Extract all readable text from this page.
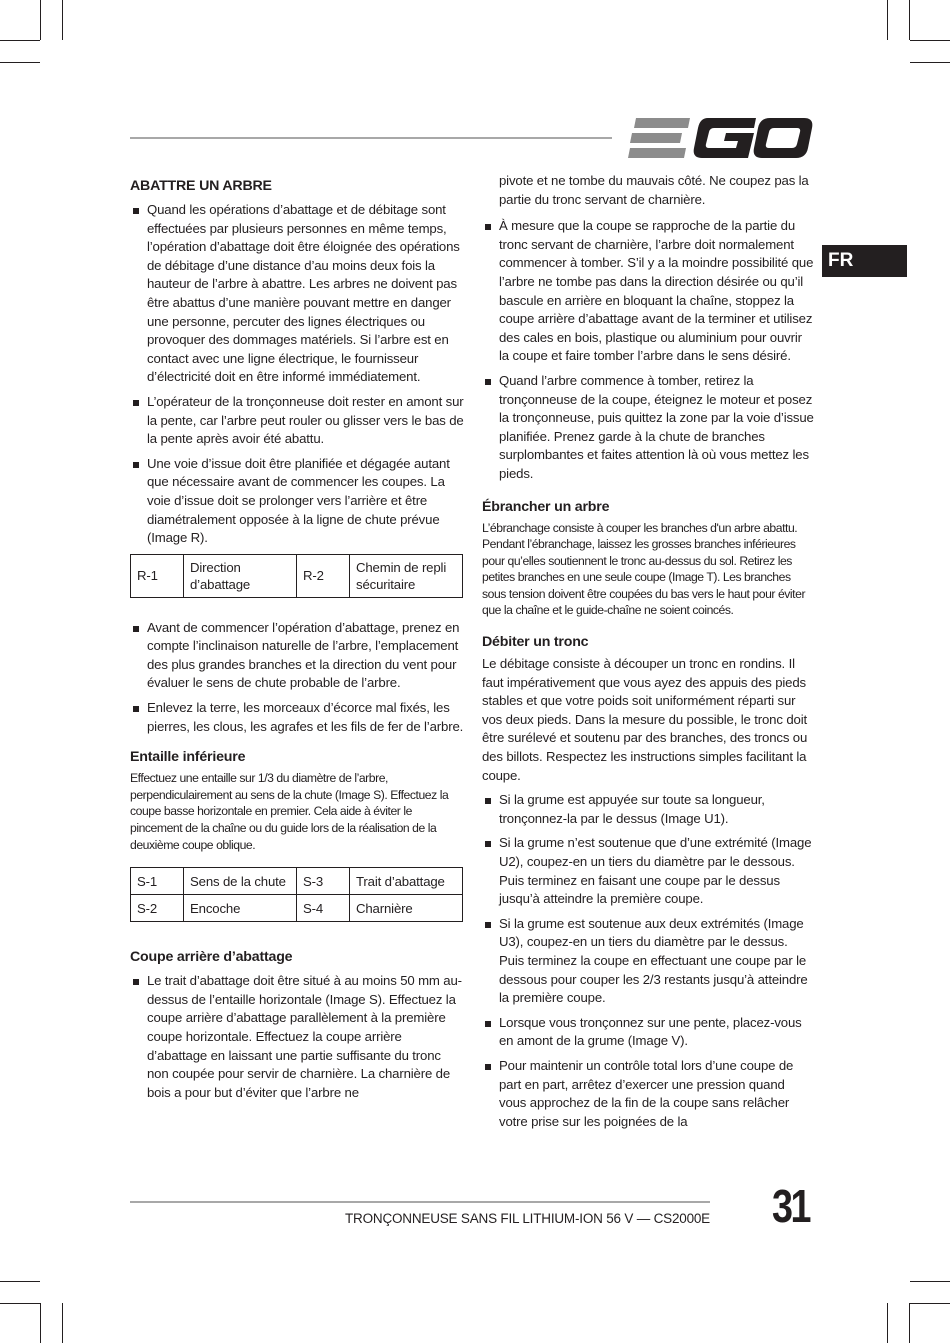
FR
ABATTRE UN ARBRE
Quand les opérations d’abattage et de débitage sont effectuées par plusieurs personnes en même temps, l’opération d’abattage doit être éloignée des opérations de débitage d’une distance d’au moins deux fois la hauteur de l’arbre à abattre. Les arbres ne doivent pas être abattus d’une manière pouvant mettre en danger une personne, percuter des lignes électriques ou provoquer des dommages matériels. Si l’arbre est en contact avec une ligne électrique, le fournisseur d’électricité doit en être informé immédiatement.
L’opérateur de la tronçonneuse doit rester en amont sur la pente, car l’arbre peut rouler ou glisser vers le bas de la pente après avoir été abattu.
Une voie d’issue doit être planifiée et dégagée autant que nécessaire avant de commencer les coupes. La voie d’issue doit se prolonger vers l’arrière et être diamétralement opposée à la ligne de chute prévue (Image R).
R-1	Direction d’abattage	R-2	Chemin de repli sécuritaire
Avant de commencer l’opération d’abattage, prenez en compte l’inclinaison naturelle de l’arbre, l’emplacement des plus grandes branches et la direction du vent pour évaluer le sens de chute probable de l’arbre.
Enlevez la terre, les morceaux d’écorce mal fixés, les pierres, les clous, les agrafes et les fils de fer de l’arbre.
Entaille inférieure

Effectuez une entaille sur 1/3 du diamètre de l’arbre, perpendiculairement au sens de la chute (Image S). Effectuez la coupe basse horizontale en premier. Cela aide à éviter le pincement de la chaîne ou du guide lors de la réalisation de la deuxième coupe oblique.

S-1	Sens de la chute	S-3	Trait d’abattage
S-2	Encoche	S-4	Charnière
Coupe arrière d’abattage
Le trait d’abattage doit être situé à au moins 50 mm au-dessus de l’entaille horizontale (Image S). Effectuez la coupe arrière d’abattage parallèlement à la première coupe horizontale. Effectuez la coupe arrière d’abattage en laissant une partie suffisante du tronc non coupée pour servir de charnière. La charnière de bois a pour but d’éviter que l’arbre ne

pivote et ne tombe du mauvais côté. Ne coupez pas la partie du tronc servant de charnière.

À mesure que la coupe se rapproche de la partie du tronc servant de charnière, l’arbre doit normalement commencer à tomber. S’il y a la moindre possibilité que l’arbre ne tombe pas dans la direction désirée ou qu’il bascule en arrière en bloquant la chaîne, stoppez la coupe arrière d’abattage avant de la terminer et utilisez des cales en bois, plastique ou aluminium pour ouvrir la coupe et faire tomber l’arbre dans le sens désiré.
Quand l’arbre commence à tomber, retirez la tronçonneuse de la coupe, éteignez le moteur et posez la tronçonneuse, puis quittez la zone par la voie d’issue planifiée. Prenez garde à la chute de branches surplombantes et faites attention là où vous mettez les pieds.
Ébrancher un arbre

L’ébranchage consiste à couper les branches d'un arbre abattu. Pendant l’ébranchage, laissez les grosses branches inférieures pour qu’elles soutiennent le tronc au-dessus du sol. Retirez les petites branches en une seule coupe (Image T). Les branches sous tension doivent être coupées du bas vers le haut pour éviter que la chaîne et le guide-chaîne ne soient coincés.

Débiter un tronc

Le débitage consiste à découper un tronc en rondins. Il faut impérativement que vous ayez des appuis des pieds stables et que votre poids soit uniformément réparti sur vos deux pieds. Dans la mesure du possible, le tronc doit être surélevé et soutenu par des branches, des troncs ou des billots. Respectez les instructions simples facilitant la coupe.

Si la grume est appuyée sur toute sa longueur, tronçonnez-la par le dessus (Image U1).
Si la grume n’est soutenue que d’une extrémité (Image U2), coupez-en un tiers du diamètre par le dessous. Puis terminez en faisant une coupe par le dessus jusqu’à atteindre la première coupe.
Si la grume est soutenue aux deux extrémités (Image U3), coupez-en un tiers du diamètre par le dessus. Puis terminez la coupe en effectuant une coupe par le dessous pour couper les 2/3 restants jusqu’à atteindre la première coupe.
Lorsque vous tronçonnez sur une pente, placez-vous en amont de la grume (Image V).
Pour maintenir un contrôle total lors d’une coupe de part en part, arrêtez d’exercer une pression quand vous approchez de la fin de la coupe sans relâcher votre prise sur les poignées de la
TRONÇONNEUSE SANS FIL LITHIUM-ION 56 V — CS2000E 31
